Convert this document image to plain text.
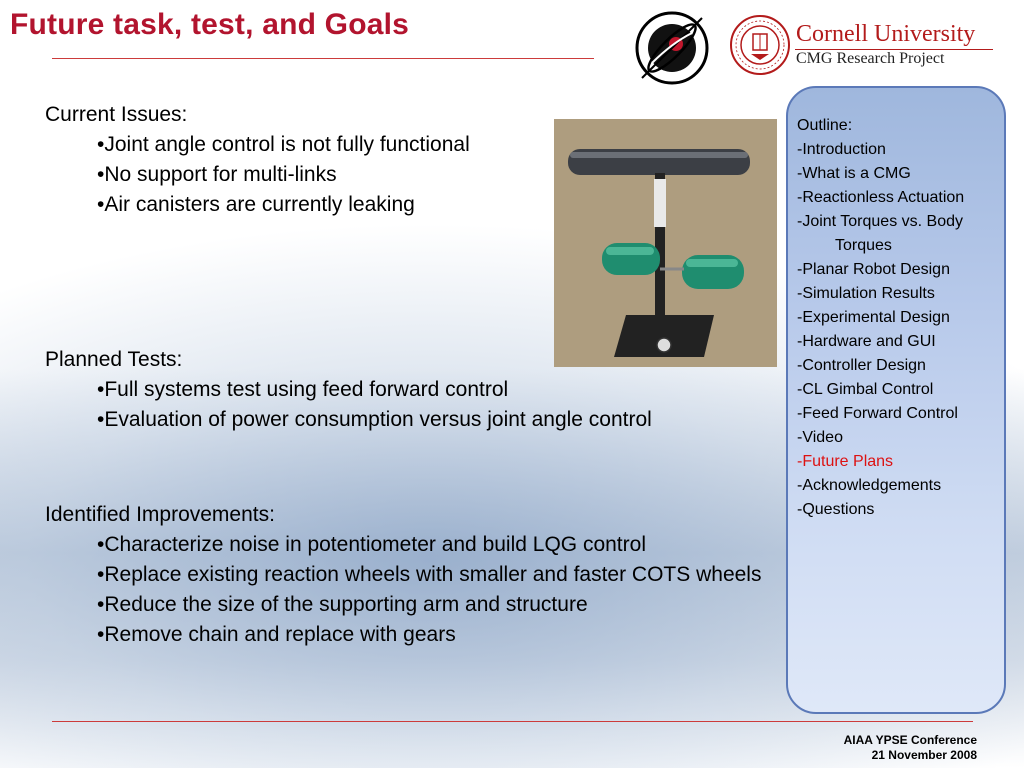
Future task, test, and Goals	Cornell University
CMG Research Project

Current Issues:

•Joint angle control is not fully functional

•No support for multi-links

•Air canisters are currently leaking

Planned Tests:

•Full systems test using feed forward control

•Evaluation of power consumption versus joint angle control

Identified Improvements:

•Characterize noise in potentiometer and build LQG control

•Replace existing reaction wheels with smaller and faster COTS wheels

•Reduce the size of the supporting arm and structure

•Remove chain and replace with gears

Outline:
-Introduction
-What is a CMG
-Reactionless Actuation
-Joint Torques vs. Body
Torques
-Planar Robot Design
-Simulation Results
-Experimental Design
-Hardware and GUI
-Controller Design
-CL Gimbal Control
-Feed Forward Control
-Video
-Future Plans
-Acknowledgements
-Questions
AIAA YPSE Conference
21 November 2008
